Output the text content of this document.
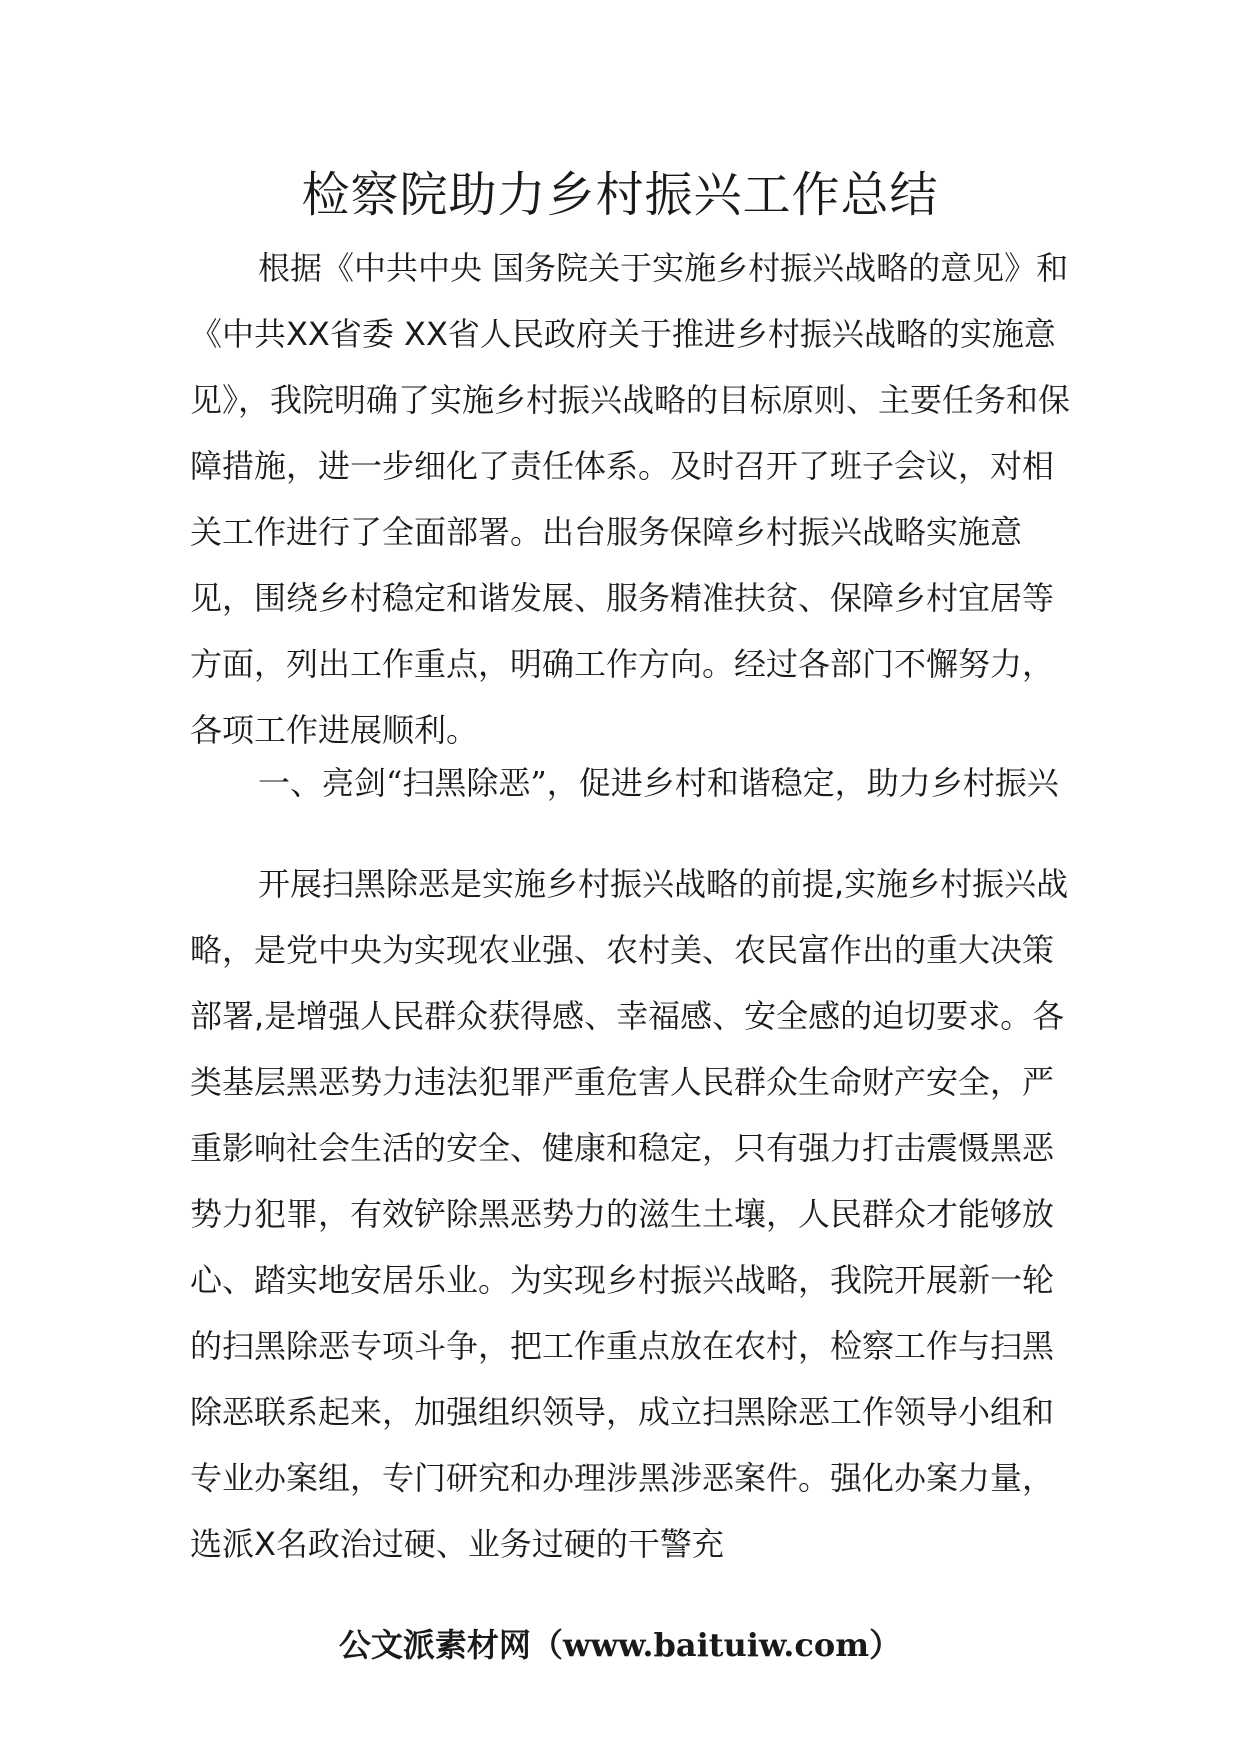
检察院助力乡村振兴工作总结

根据《中共中央 国务院关于实施乡村振兴战略的意见》和《中共XX省委 XX省人民政府关于推进乡村振兴战略的实施意见》，我院明确了实施乡村振兴战略的目标原则、主要任务和保障措施，进一步细化了责任体系。及时召开了班子会议，对相关工作进行了全面部署。出台服务保障乡村振兴战略实施意见，围绕乡村稳定和谐发展、服务精准扶贫、保障乡村宜居等方面，列出工作重点，明确工作方向。经过各部门不懈努力，各项工作进展顺利。

一、亮剑“扫黑除恶”，促进乡村和谐稳定，助力乡村振兴

开展扫黑除恶是实施乡村振兴战略的前提,实施乡村振兴战略，是党中央为实现农业强、农村美、农民富作出的重大决策部署,是增强人民群众获得感、幸福感、安全感的迫切要求。各类基层黑恶势力违法犯罪严重危害人民群众生命财产安全，严重影响社会生活的安全、健康和稳定，只有强力打击震慑黑恶势力犯罪，有效铲除黑恶势力的滋生土壤，人民群众才能够放心、踏实地安居乐业。为实现乡村振兴战略，我院开展新一轮的扫黑除恶专项斗争，把工作重点放在农村，检察工作与扫黑除恶联系起来，加强组织领导，成立扫黑除恶工作领导小组和专业办案组，专门研究和办理涉黑涉恶案件。强化办案力量，选派X名政治过硬、业务过硬的干警充

公文派素材网（www.baituiw.com）
